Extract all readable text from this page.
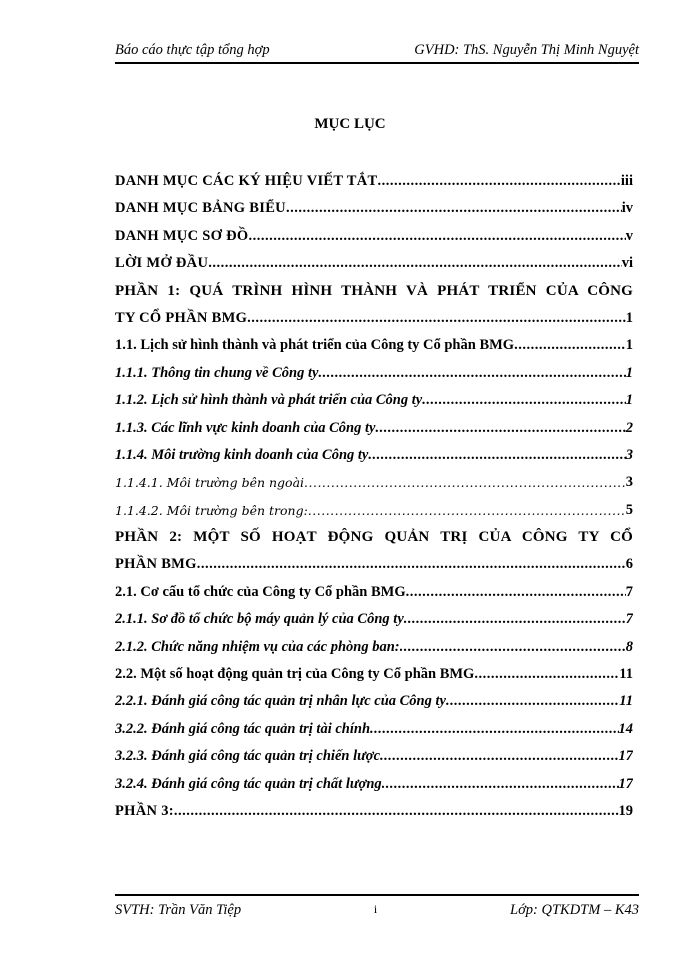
Báo cáo thực tập tổng hợp	GVHD: ThS. Nguyễn Thị Minh Nguyệt
MỤC LỤC
DANH MỤC CÁC KÝ HIỆU VIẾT TẮT .....	iii
DANH MỤC BẢNG BIỂU .....	iv
DANH MỤC SƠ ĐỒ .....	v
LỜI MỞ ĐẦU .....	vi
PHẦN 1: QUÁ TRÌNH HÌNH THÀNH VÀ PHÁT TRIỂN CỦA CÔNG
TY CỔ PHẦN BMG .....	1
1.1. Lịch sử hình thành và phát triển của Công ty Cổ phần BMG .....	1
1.1.1. Thông tin chung về Công ty .....	1
1.1.2. Lịch sử hình thành và phát triển của Công ty .....	1
1.1.3. Các lĩnh vực kinh doanh của Công ty .....	2
1.1.4. Môi trường kinh doanh của Công ty .....	3
1.1.4.1. Môi trường bên ngoài .....	3
1.1.4.2. Môi trường bên trong: .....	5
PHẦN 2: MỘT SỐ HOẠT ĐỘNG QUẢN TRỊ CỦA CÔNG TY CỔ
PHẦN BMG .....	6
2.1. Cơ cấu tổ chức của Công ty Cổ phần BMG .....	7
2.1.1. Sơ đồ tổ chức bộ máy quản lý của Công ty .....	7
2.1.2. Chức năng nhiệm vụ của các phòng ban: .....	8
2.2. Một số hoạt động quản trị của Công ty Cổ phần BMG .....	11
2.2.1. Đánh giá công tác quản trị nhân lực của Công ty .....	11
3.2.2. Đánh giá công tác quản trị tài chính .....	14
3.2.3. Đánh giá công tác quản trị chiến lược .....	17
3.2.4. Đánh giá công tác quản trị chất lượng .....	17
PHẦN 3: .....	19
SVTH: Trần Văn Tiệp	i	Lớp: QTKDTM – K43
